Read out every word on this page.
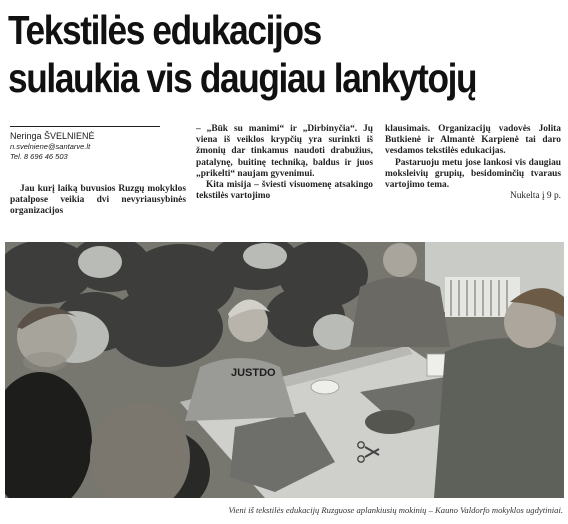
Tekstilės edukacijos
sulaukia vis daugiau lankytojų
Neringa ŠVELNIENĖ
n.svelniene@santarve.lt
Tel. 8 696 46 503

Jau kurį laiką buvusios Ruzgų mokyklos patalpose veikia dvi nevyriausybinės organizacijos

– „Būk su manimi“ ir „Dirbinyčia“. Jų viena iš veiklos krypčių yra surinkti iš žmonių dar tinkamus naudoti drabužius, patalynę, buitinę techniką, baldus ir juos „prikelti“ naujam gyvenimui.

Kita misija – šviesti visuomenę atsakingo tekstilės vartojimo

klausimais. Organizacijų vadovės Jolita Butkienė ir Almantė Karpienė tai daro vesdamos tekstilės edukacijas.

Pastaruoju metu jose lankosi vis daugiau moksleivių grupių, besidominčių tvaraus vartojimo tema.

Nukelta į 9 p.
JUSTDO
Vieni iš tekstilės edukacijų Ruzguose aplankiusių mokinių – Kauno Valdorfo mokyklos ugdytiniai.
